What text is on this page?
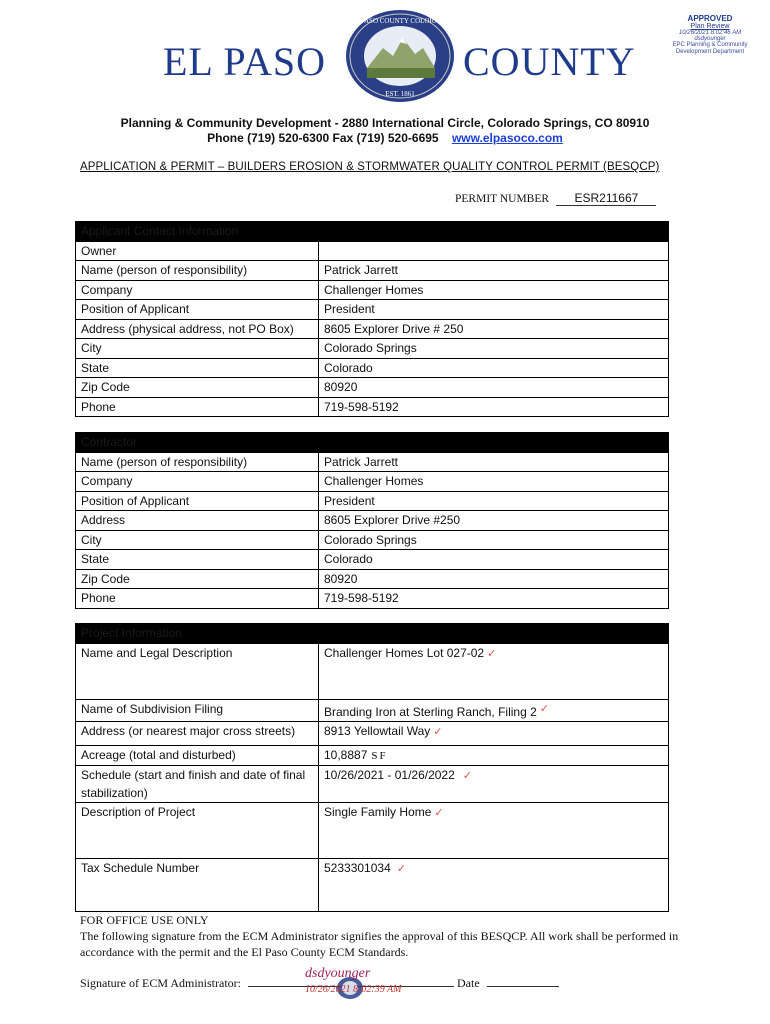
EL PASO
EL PASO COUNTY COLORADO
EST. 1861
COUNTY
APPROVED
Plan Review
10/26/2021 8:02:46 AM
dsdyounger
EPC Planning & Community
Development Department
Planning & Community Development - 2880 International Circle, Colorado Springs, CO 80910
Phone (719) 520-6300 Fax (719) 520-6695 www.elpasoco.com
APPLICATION & PERMIT – BUILDERS EROSION & STORMWATER QUALITY CONTROL PERMIT (BESQCP)
PERMIT NUMBER ESR211667
Applicant Contact Information	
Owner	
Name (person of responsibility)	Patrick Jarrett
Company	Challenger Homes
Position of Applicant	President
Address (physical address, not PO Box)	8605 Explorer Drive # 250
City	Colorado Springs
State	Colorado
Zip Code	80920
Phone	719-598-5192
Contractor	
Name (person of responsibility)	Patrick Jarrett
Company	Challenger Homes
Position of Applicant	President
Address	8605 Explorer Drive #250
City	Colorado Springs
State	Colorado
Zip Code	80920
Phone	719-598-5192
Project Information	
Name and Legal Description	Challenger Homes Lot 027-02 ✓
Name of Subdivision Filing	Branding Iron at Sterling Ranch, Filing 2 ✓
Address (or nearest major cross streets)	8913 Yellowtail Way ✓
Acreage (total and disturbed)	10,8887 SF
Schedule (start and finish and date of final stabilization)	10/26/2021 - 01/26/2022 ✓
Description of Project	Single Family Home ✓
Tax Schedule Number	5233301034 ✓
FOR OFFICE USE ONLY
The following signature from the ECM Administrator signifies the approval of this BESQCP. All work shall be performed in accordance with the permit and the El Paso County ECM Standards.
Signature of ECM Administrator:	Date
dsdyounger
10/26/2021 8:02:39 AM
